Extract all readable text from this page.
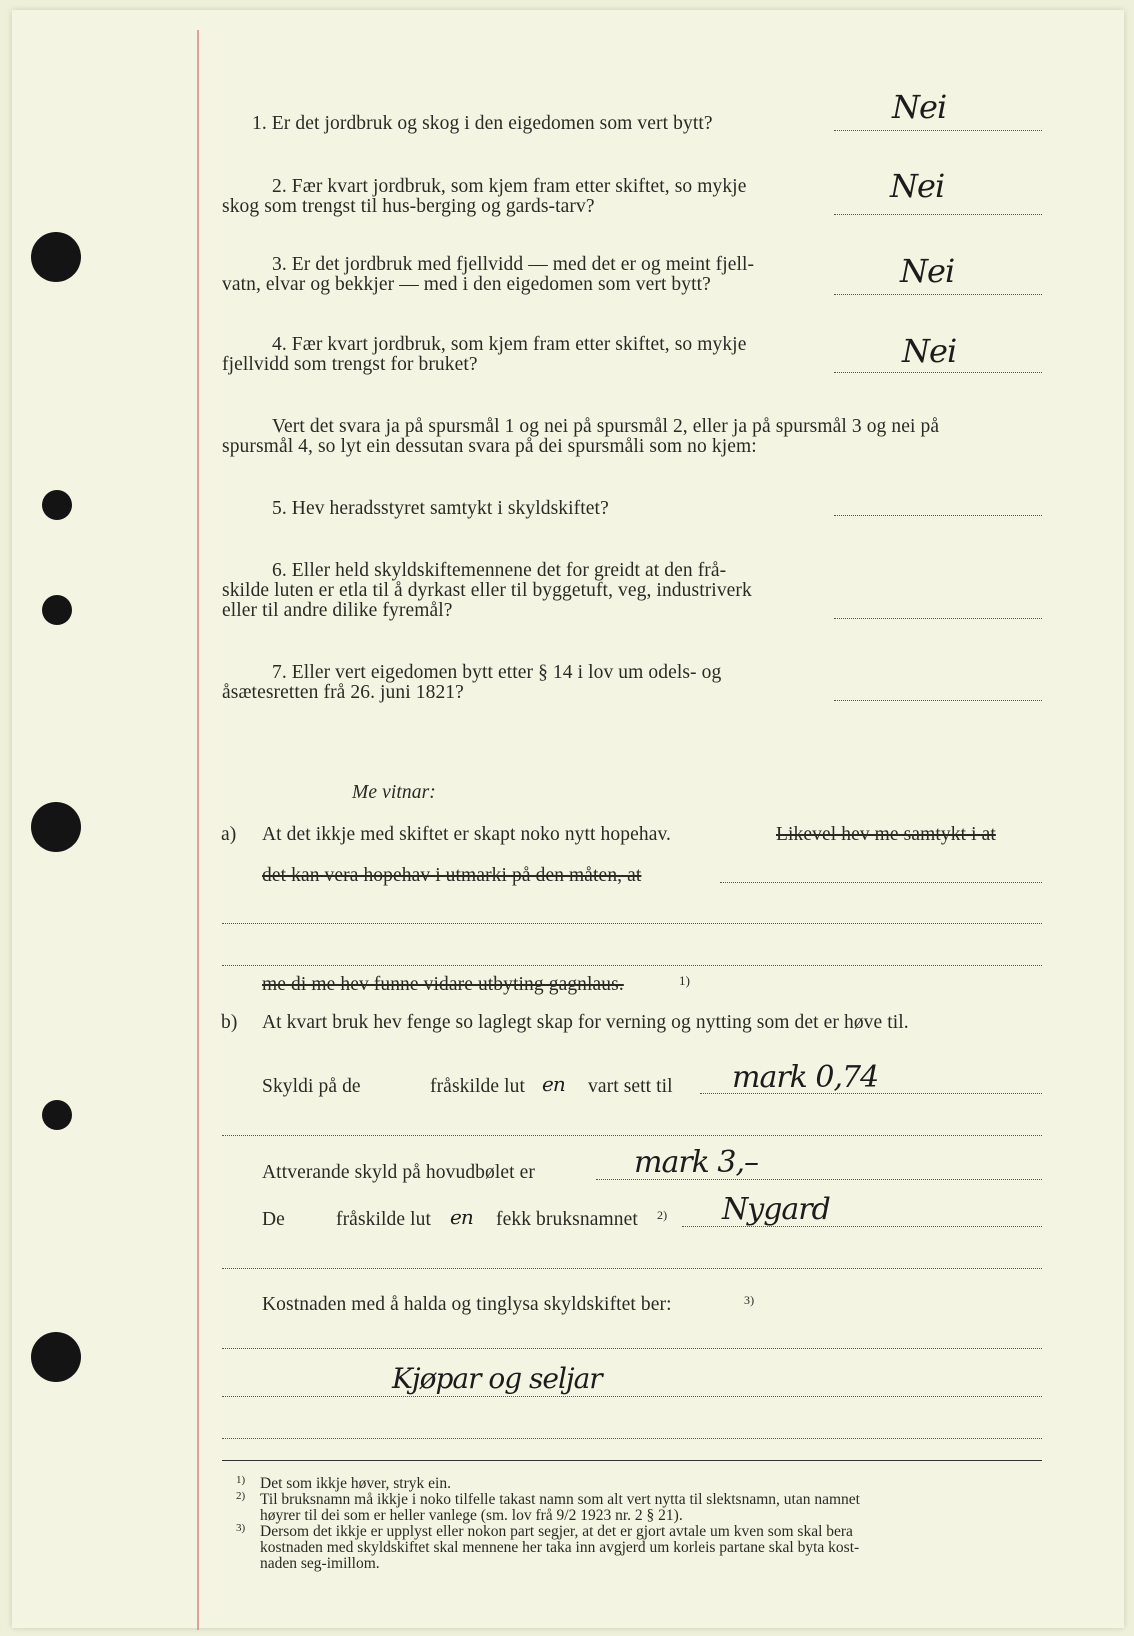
1. Er det jordbruk og skog i den eigedomen som vert bytt?	Nei
2. Fær kvart jordbruk, som kjem fram etter skiftet, so mykje
skog som trengst til hus‑berging og gards‑tarv?
Nei
3. Er det jordbruk med fjellvidd — med det er og meint fjell‑
vatn, elvar og bekkjer — med i den eigedomen som vert bytt?	Nei
4. Fær kvart jordbruk, som kjem fram etter skiftet, so mykje
fjellvidd som trengst for bruket?	Nei
Vert det svara ja på spursmål 1 og nei på spursmål 2, eller ja på spursmål 3 og nei på
spursmål 4, so lyt ein dessutan svara på dei spursmåli som no kjem:
5. Hev heradsstyret samtykt i skyldskiftet?
6. Eller held skyldskiftemennene det for greidt at den frå‑
skilde luten er etla til å dyrkast eller til byggetuft, veg, industriverk
eller til andre dilike fyremål?
7. Eller vert eigedomen bytt etter § 14 i lov um odels‑ og
åsætesretten frå 26. juni 1821?
Me vitnar:
a) At det ikkje med skiftet er skapt noko nytt hopehav.	Likevel hev me samtykt i at
det kan vera hopehav i utmarki på den måten, at
me di me hev funne vidare utbyting gagnlaus.	1)
b) At kvart bruk hev fenge so laglegt skap for verning og nytting som det er høve til.
Skyldi på de	fråskilde lut en vart sett til mark 0,74
Attverande skyld på hovudbølet er	mark 3,–
De	fråskilde lut en fekk bruksnamnet 2) Nygard
Kostnaden med å halda og tinglysa skyldskiftet ber:	3)
Kjøpar og seljar
1) Det som ikkje høver, stryk ein.
2) Til bruksnamn må ikkje i noko tilfelle takast namn som alt vert nytta til slektsnamn, utan namnet
høyrer til dei som er heller vanlege (sm. lov frå 9/2 1923 nr. 2 § 21).
3) Dersom det ikkje er upplyst eller nokon part segjer, at det er gjort avtale um kven som skal bera
kostnaden med skyldskiftet skal mennene her taka inn avgjerd um korleis partane skal byta kost‑
naden seg‑imillom.
